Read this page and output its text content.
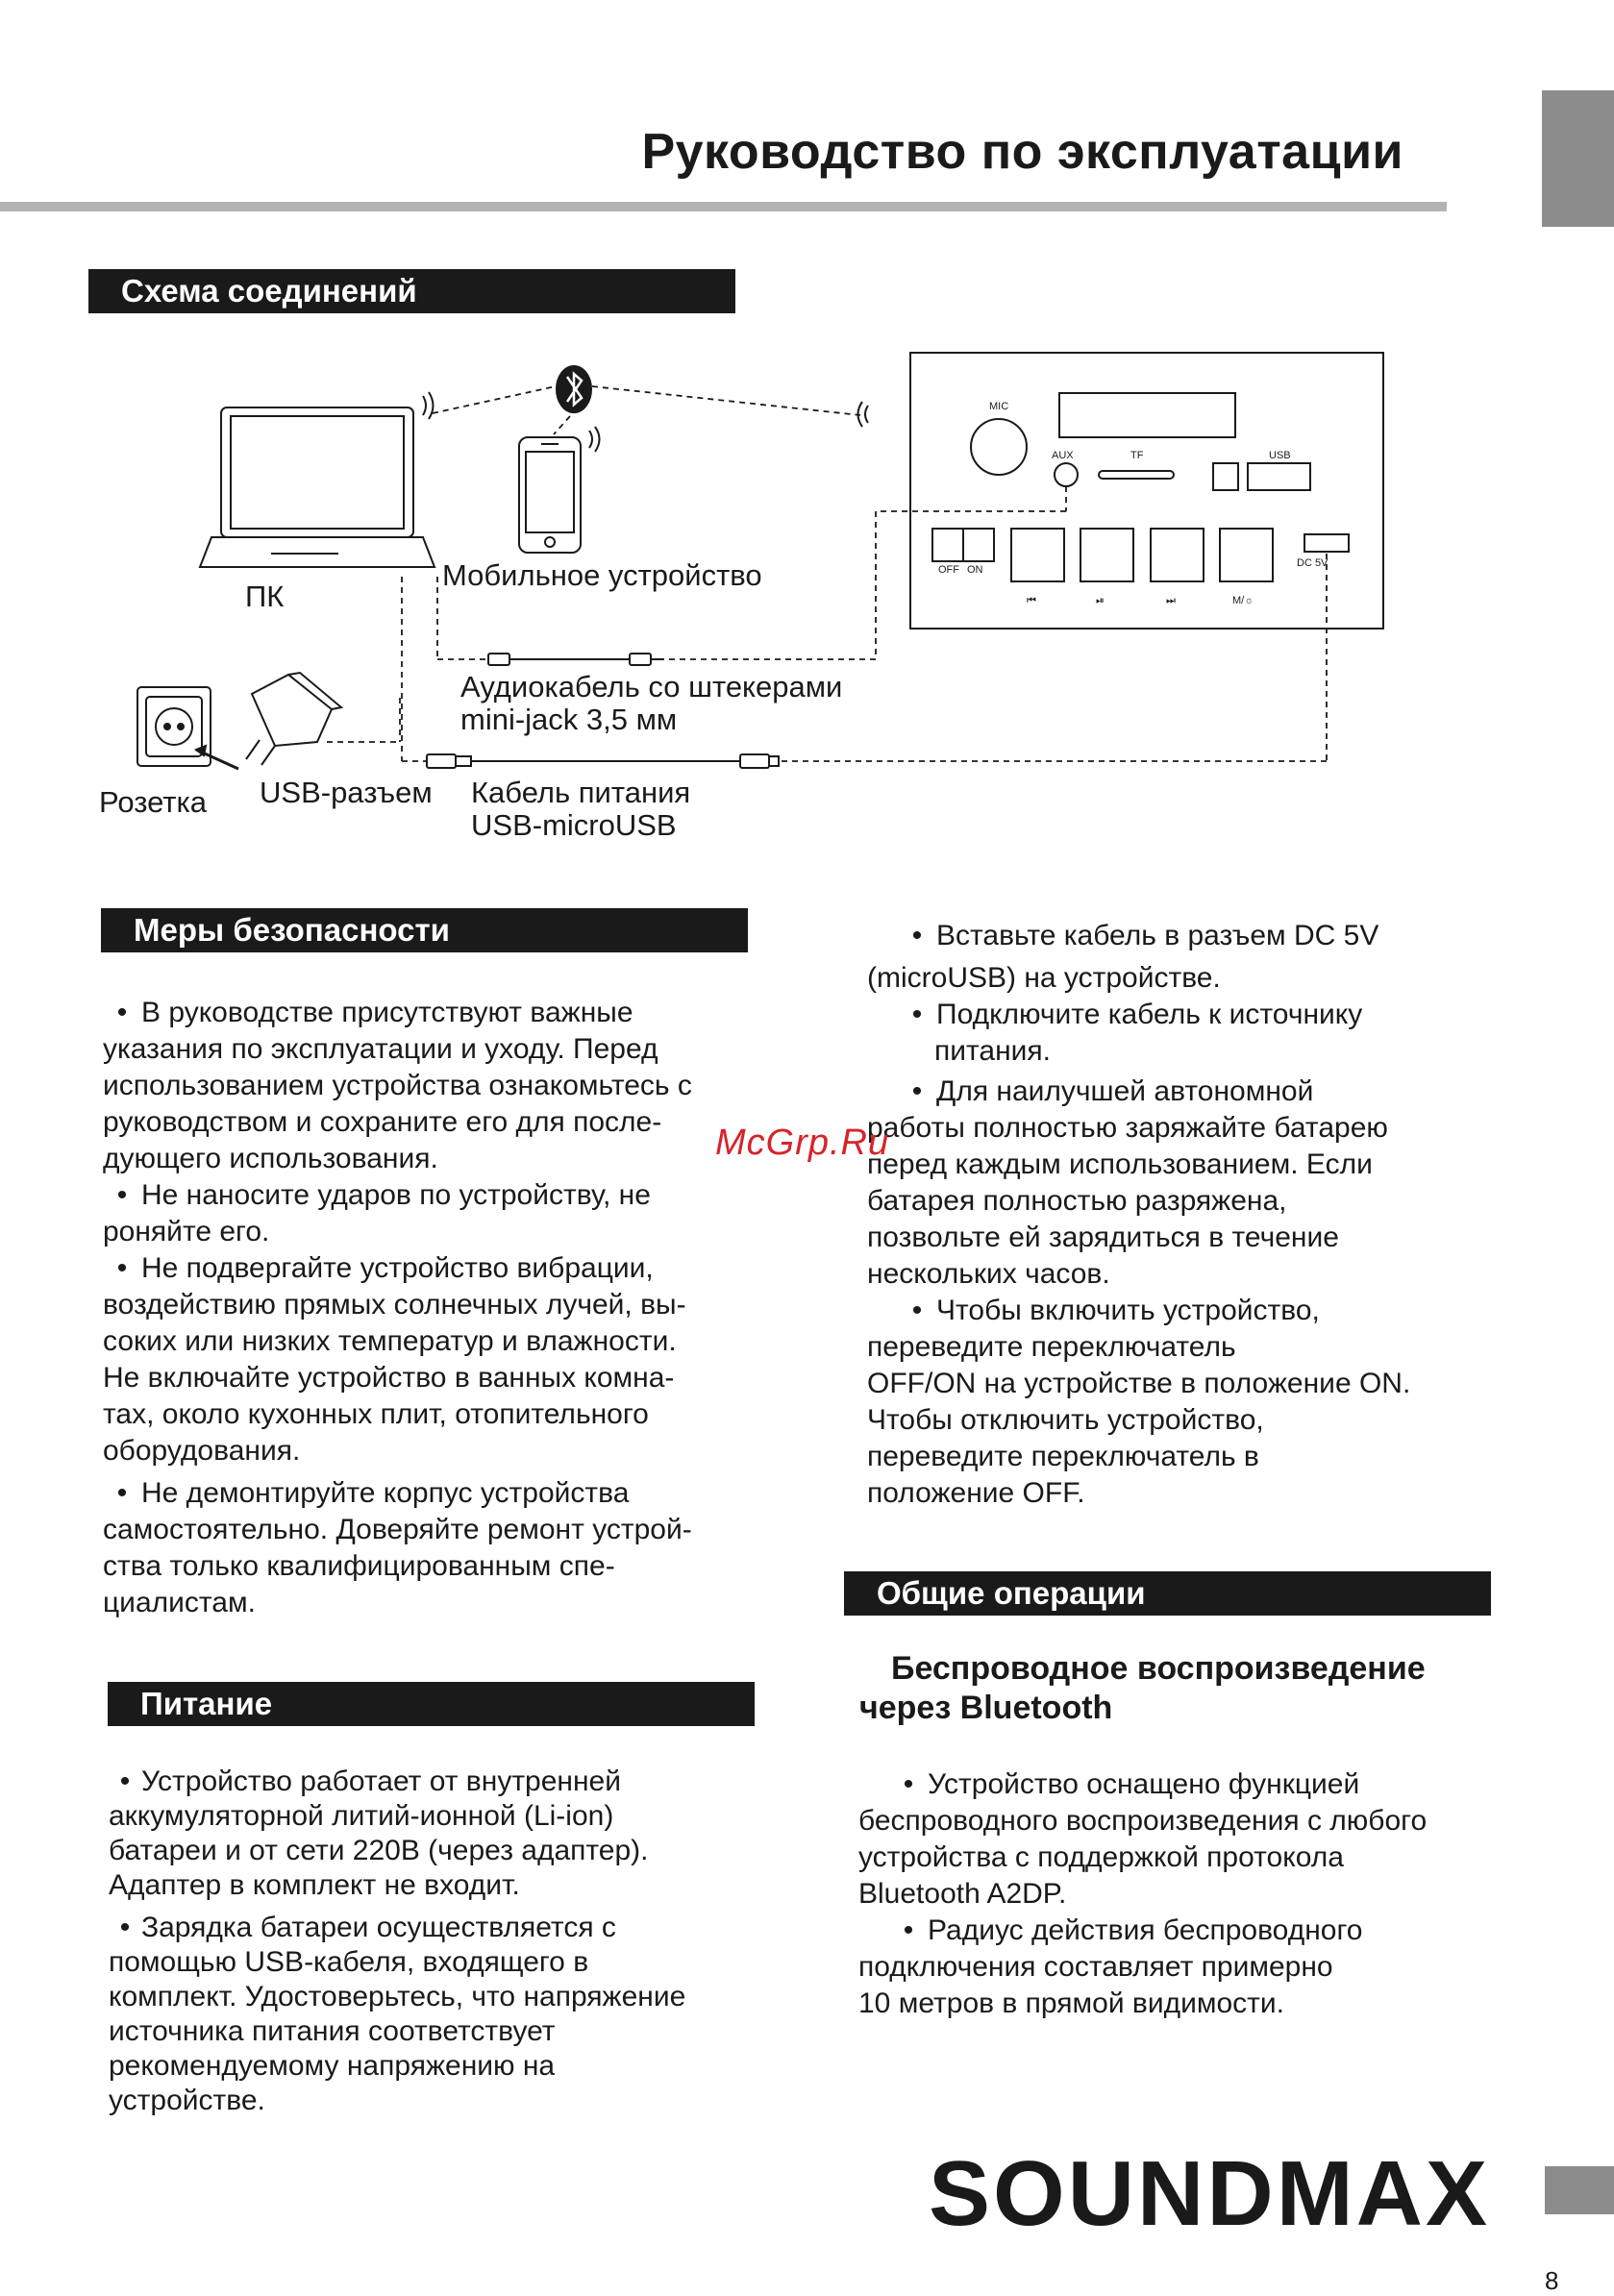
Руководство по эксплуатации
Схема соединений
MIC
AUX	TF	USB
OFF ON
DC 5V
⏮	⏯	⏭	M/☼
ПК
Мобильное устройство
Аудиокабель со штекерами
mini-jack 3,5 мм
Розетка USB-разъем Кабель питания
USB-microUSB
Меры безопасности

• В руководстве присутствуют важные
указания по эксплуатации и уходу. Перед
использованием устройства ознакомьтесь с
руководством и сохраните его для после-
дующего использования.

• Не наносите ударов по устройству, не
роняйте его.

• Не подвергайте устройство вибрации,
воздействию прямых солнечных лучей, вы-
соких или низких температур и влажности.
Не включайте устройство в ванных комна-
тах, около кухонных плит, отопительного
оборудования.

• Не демонтируйте корпус устройства
самостоятельно. Доверяйте ремонт устрой-
ства только квалифицированным спе-
циалистам.

Питание

• Устройство работает от внутренней
аккумуляторной литий-ионной (Li-ion)
батареи и от сети 220В (через адаптер).
Адаптер в комплект не входит.

• Зарядка батареи осуществляется с
помощью USB-кабеля, входящего в
комплект. Удостоверьтесь, что напряжение
источника питания соответствует
рекомендуемому напряжению на
устройстве.

• Вставьте кабель в разъем DC 5V
(microUSB) на устройстве.

• Подключите кабель к источнику
питания.

• Для наилучшей автономной
работы полностью заряжайте батарею
перед каждым использованием. Если
батарея полностью разряжена,
позвольте ей зарядиться в течение
нескольких часов.

• Чтобы включить устройство,
переведите переключатель
OFF/ON на устройстве в положение ON.
Чтобы отключить устройство,
переведите переключатель в
положение OFF.

Общие операции
Беспроводное воспроизведение
через Bluetooth

• Устройство оснащено функцией
беспроводного воспроизведения с любого
устройства с поддержкой протокола
Bluetooth A2DP.

• Радиус действия беспроводного
подключения составляет примерно
10 метров в прямой видимости.

McGrp.Ru
SOUNDMAX
8
